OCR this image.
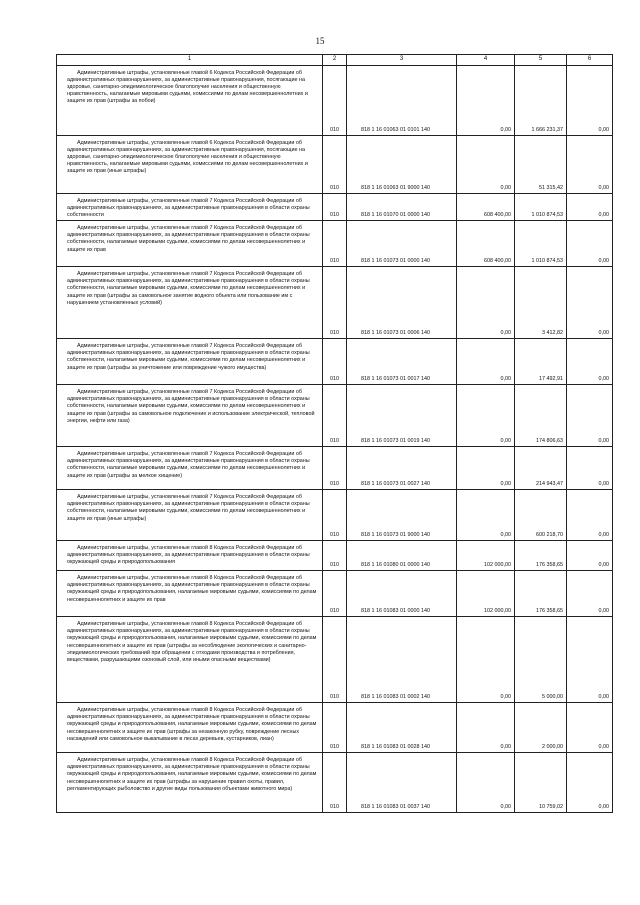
15
1	2	3	4	5	6

Административные штрафы, установленные главой 6 Кодекса Российской Федерации об административных правонарушениях, за административные правонарушения, посягающие на здоровье, санитарно-эпидемиологическое благополучие населения и общественную нравственность, налагаемые мировыми судьями, комиссиями по делам несовершеннолетних и защите их прав (штрафы за побои)	010	818 1 16 01063 01 0101 140	0,00	1 666 231,37	0,00

Административные штрафы, установленные главой 6 Кодекса Российской Федерации об административных правонарушениях, за административные правонарушения, посягающие на здоровье, санитарно-эпидемиологическое благополучие населения и общественную нравственность, налагаемые мировыми судьями, комиссиями по делам несовершеннолетних и защите их прав (иные штрафы)	010	818 1 16 01063 01 9000 140	0,00	51 315,42	0,00

Административные штрафы, установленные главой 7 Кодекса Российской Федерации об административных правонарушениях, за административные правонарушения в области охраны собственности	010	818 1 16 01070 01 0000 140	608 400,00	1 010 874,53	0,00

Административные штрафы, установленные главой 7 Кодекса Российской Федерации об административных правонарушениях, за административные правонарушения в области охраны собственности, налагаемые мировыми судьями, комиссиями по делам несовершеннолетних и защите их прав	010	818 1 16 01073 01 0000 140	608 400,00	1 010 874,53	0,00

Административные штрафы, установленные главой 7 Кодекса Российской Федерации об административных правонарушениях, за административные правонарушения в области охраны собственности, налагаемые мировыми судьями, комиссиями по делам несовершеннолетних и защите их прав (штрафы за самовольное занятие водного объекта или пользование им с нарушением установленных условий)	010	818 1 16 01073 01 0006 140	0,00	3 412,82	0,00

Административные штрафы, установленные главой 7 Кодекса Российской Федерации об административных правонарушениях, за административные правонарушения в области охраны собственности, налагаемые мировыми судьями, комиссиями по делам несовершеннолетних и защите их прав (штрафы за уничтожение или повреждение чужого имущества)	010	818 1 16 01073 01 0017 140	0,00	17 492,91	0,00

Административные штрафы, установленные главой 7 Кодекса Российской Федерации об административных правонарушениях, за административные правонарушения в области охраны собственности, налагаемые мировыми судьями, комиссиями по делам несовершеннолетних и защите их прав (штрафы за самовольное подключение и использование электрической, тепловой энергии, нефти или газа)	010	818 1 16 01073 01 0019 140	0,00	174 806,63	0,00

Административные штрафы, установленные главой 7 Кодекса Российской Федерации об административных правонарушениях, за административные правонарушения в области охраны собственности, налагаемые мировыми судьями, комиссиями по делам несовершеннолетних и защите их прав (штрафы за мелкое хищение)	010	818 1 16 01073 01 0027 140	0,00	214 943,47	0,00

Административные штрафы, установленные главой 7 Кодекса Российской Федерации об административных правонарушениях, за административные правонарушения в области охраны собственности, налагаемые мировыми судьями, комиссиями по делам несовершеннолетних и защите их прав (иные штрафы)	010	818 1 16 01073 01 9000 140	0,00	600 218,70	0,00

Административные штрафы, установленные главой 8 Кодекса Российской Федерации об административных правонарушениях, за административные правонарушения в области охраны окружающей среды и природопользования	010	818 1 16 01080 01 0000 140	102 000,00	176 358,65	0,00

Административные штрафы, установленные главой 8 Кодекса Российской Федерации об административных правонарушениях, за административные правонарушения в области охраны окружающей среды и природопользования, налагаемые мировыми судьями, комиссиями по делам несовершеннолетних и защите их прав	010	818 1 16 01083 01 0000 140	102 000,00	176 358,65	0,00

Административные штрафы, установленные главой 8 Кодекса Российской Федерации об административных правонарушениях, за административные правонарушения в области охраны окружающей среды и природопользования, налагаемые мировыми судьями, комиссиями по делам несовершеннолетних и защите их прав (штрафы за несоблюдение экологических и санитарно-эпидемиологических требований при обращении с отходами производства и потребления, веществами, разрушающими озоновый слой, или иными опасными веществами)	010	818 1 16 01083 01 0002 140	0,00	5 000,00	0,00

Административные штрафы, установленные главой 8 Кодекса Российской Федерации об административных правонарушениях, за административные правонарушения в области охраны окружающей среды и природопользования, налагаемые мировыми судьями, комиссиями по делам несовершеннолетних и защите их прав (штрафы за незаконную рубку, повреждение лесных насаждений или самовольное выкапывание в лесах деревьев, кустарников, лиан)	010	818 1 16 01083 01 0028 140	0,00	2 000,00	0,00

Административные штрафы, установленные главой 8 Кодекса Российской Федерации об административных правонарушениях, за административные правонарушения в области охраны окружающей среды и природопользования, налагаемые мировыми судьями, комиссиями по делам несовершеннолетних и защите их прав (штрафы за нарушение правил охоты, правил, регламентирующих рыболовство и другие виды пользования объектами животного мира)	010	818 1 16 01083 01 0037 140	0,00	10 759,02	0,00
